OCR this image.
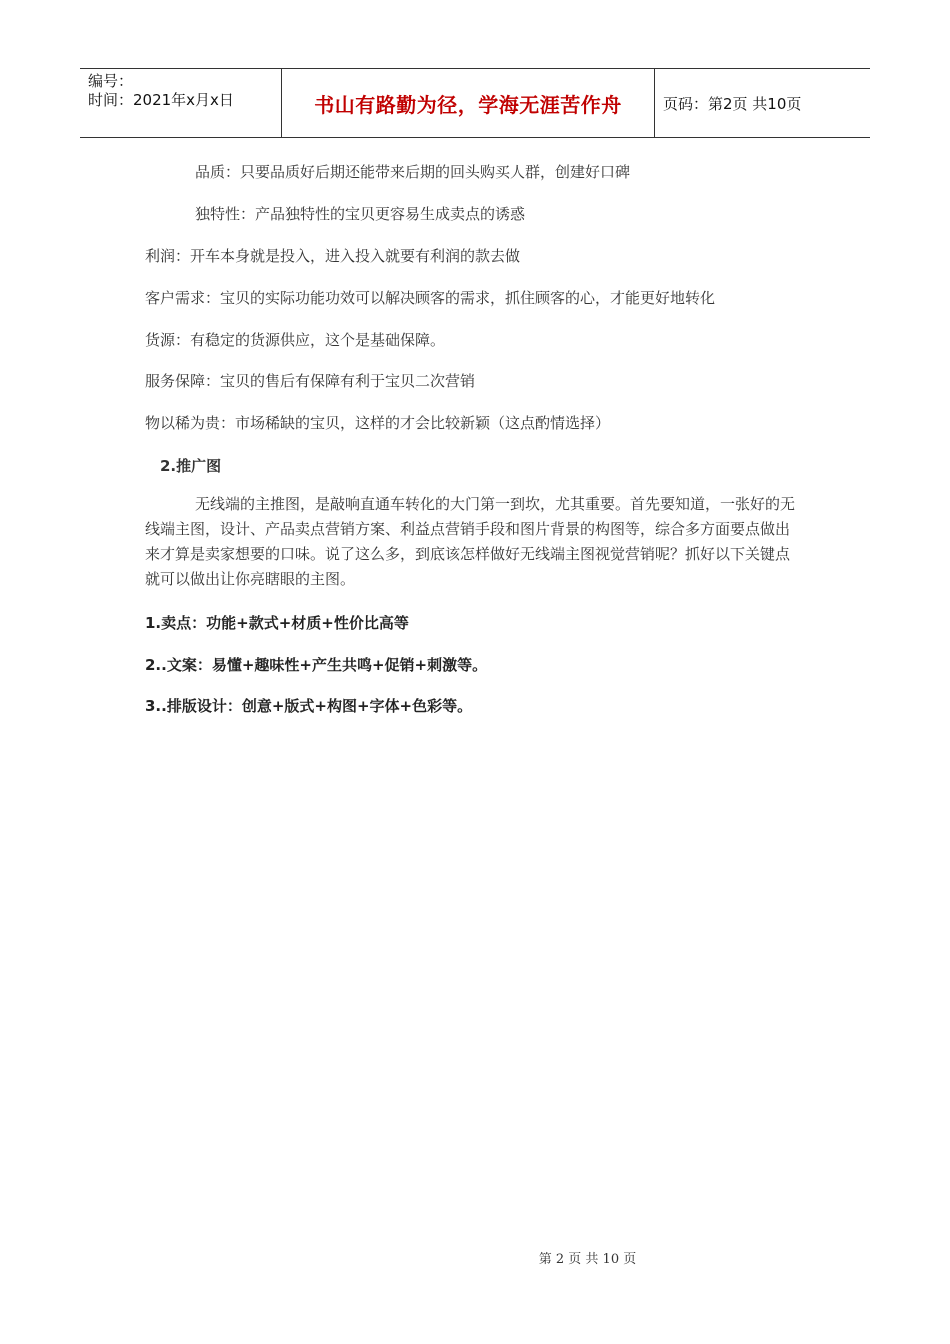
编号：
时间：2021年x月x日	书山有路勤为径，学海无涯苦作舟	页码：第2页 共10页
品质：只要品质好后期还能带来后期的回头购买人群，创建好口碑
独特性：产品独特性的宝贝更容易生成卖点的诱惑
利润：开车本身就是投入，进入投入就要有利润的款去做
客户需求：宝贝的实际功能功效可以解决顾客的需求，抓住顾客的心，才能更好地转化
货源：有稳定的货源供应，这个是基础保障。
服务保障：宝贝的售后有保障有利于宝贝二次营销
物以稀为贵：市场稀缺的宝贝，这样的才会比较新颖（这点酌情选择）
2.推广图
无线端的主推图，是敲响直通车转化的大门第一到坎，尤其重要。首先要知道，一张好的无线端主图，设计、产品卖点营销方案、利益点营销手段和图片背景的构图等，综合多方面要点做出来才算是卖家想要的口味。说了这么多，到底该怎样做好无线端主图视觉营销呢？抓好以下关键点就可以做出让你亮瞎眼的主图。
1.卖点：功能+款式+材质+性价比高等
2..文案：易懂+趣味性+产生共鸣+促销+刺激等。
3..排版设计：创意+版式+构图+字体+色彩等。
第 2 页 共 10 页
